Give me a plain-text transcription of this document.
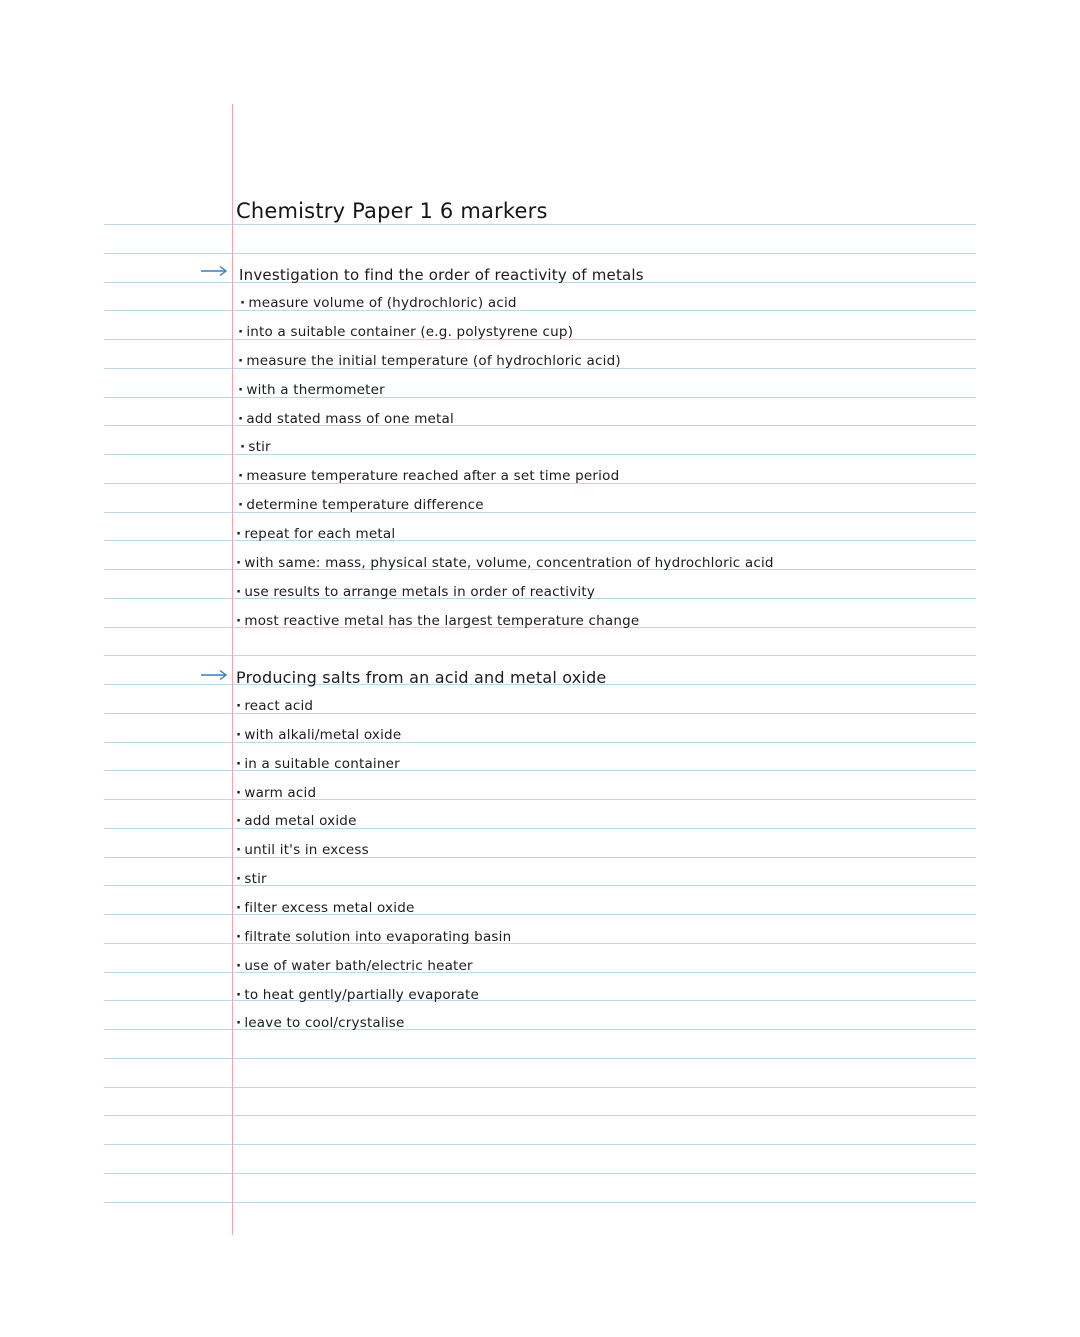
Chemistry Paper 1 6 markers
Investigation to find the order of reactivity of metals
· measure volume of (hydrochloric) acid
· into a suitable container (e.g. polystyrene cup)
· measure the initial temperature (of hydrochloric acid)
· with a thermometer
· add stated mass of one metal
· stir
· measure temperature reached after a set time period
· determine temperature difference
· repeat for each metal
· with same: mass, physical state, volume, concentration of hydrochloric acid
· use results to arrange metals in order of reactivity
· most reactive metal has the largest temperature change
Producing salts from an acid and metal oxide
· react acid
· with alkali/metal oxide
· in a suitable container
· warm acid
· add metal oxide
· until it's in excess
· stir
· filter excess metal oxide
· filtrate solution into evaporating basin
· use of water bath/electric heater
· to heat gently/partially evaporate
· leave to cool/crystalise
